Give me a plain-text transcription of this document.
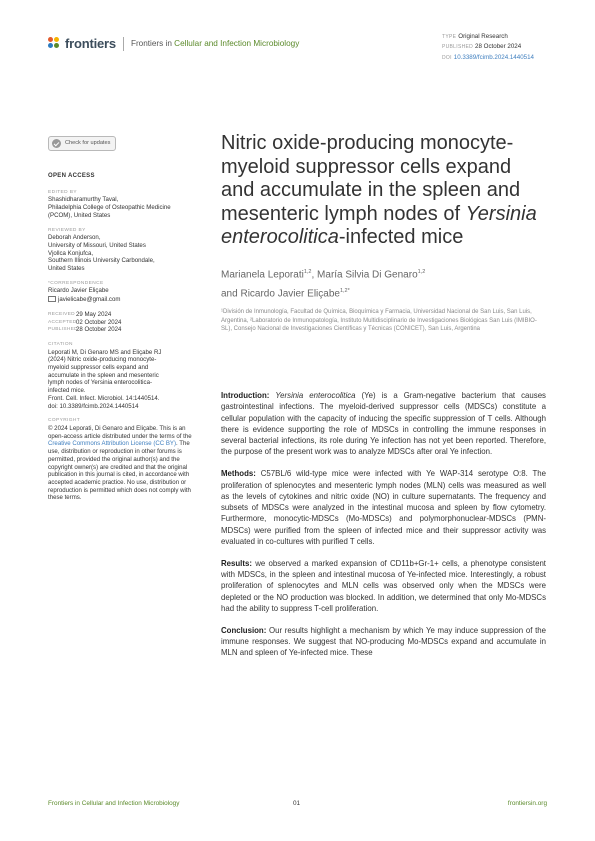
frontiers Frontiers in Cellular and Infection Microbiology
TYPE Original Research
PUBLISHED 28 October 2024
DOI 10.3389/fcimb.2024.1440514
Check for updates
OPEN ACCESS
EDITED BY
Shashidharamurthy Taval,
Philadelphia College of Osteopathic Medicine
(PCOM), United States
REVIEWED BY
Deborah Anderson,
University of Missouri, United States
Vjollca Konjufca,
Southern Illinois University Carbondale,
United States
*CORRESPONDENCE
Ricardo Javier Eliçabe
javielicabe@gmail.com
RECEIVED 29 May 2024
ACCEPTED 02 October 2024
PUBLISHED
28 October 2024
CITATION
Leporati M, Di Genaro MS and Eliçabe RJ
(2024) Nitric oxide-producing monocyte-
myeloid suppressor cells expand and
accumulate in the spleen and mesenteric
lymph nodes of Yersinia enterocolitica-
infected mice.
Front. Cell. Infect. Microbiol. 14:1440514.
doi: 10.3389/fcimb.2024.1440514
COPYRIGHT
© 2024 Leporati, Di Genaro and Eliçabe. This is an open-access article distributed under the terms of the Creative Commons Attribution License (CC BY). The use, distribution or reproduction in other forums is permitted, provided the original author(s) and the copyright owner(s) are credited and that the original publication in this journal is cited, in accordance with accepted academic practice. No use, distribution or reproduction is permitted which does not comply with these terms.
Nitric oxide-producing monocyte-myeloid suppressor cells expand and accumulate in the spleen and mesenteric lymph nodes of Yersinia enterocolitica-infected mice
Marianela Leporati$^{1,2}$, María Silvia Di Genaro$^{1,2}$
and Ricardo Javier Eliçabe$^{1,2*}$
¹División de Inmunología, Facultad de Química, Bioquímica y Farmacia, Universidad Nacional de San Luis, San Luis, Argentina, ²Laboratorio de Inmunopatología, Instituto Multidisciplinario de Investigaciones Biológicas San Luis (IMIBIO-SL), Consejo Nacional de Investigaciones Científicas y Técnicas (CONICET), San Luis, Argentina

Introduction: Yersinia enterocolitica (Ye) is a Gram-negative bacterium that causes gastrointestinal infections. The myeloid-derived suppressor cells (MDSCs) constitute a cellular population with the capacity of inducing the specific suppression of T cells. Although there is evidence supporting the role of MDSCs in controlling the immune responses in several bacterial infections, its role during Ye infection has not yet been reported. Therefore, the purpose of the present work was to analyze MDSCs after oral Ye infection.

Methods: C57BL/6 wild-type mice were infected with Ye WAP-314 serotype O:8. The proliferation of splenocytes and mesenteric lymph nodes (MLN) cells was measured as well as the levels of cytokines and nitric oxide (NO) in culture supernatants. The frequency and subsets of MDSCs were analyzed in the intestinal mucosa and spleen by flow cytometry. Furthermore, monocytic-MDSCs (Mo-MDSCs) and polymorphonuclear-MDSCs (PMN-MDSCs) were purified from the spleen of infected mice and their suppressor activity was evaluated in co-cultures with purified T cells.

Results: we observed a marked expansion of CD11b+Gr-1+ cells, a phenotype consistent with MDSCs, in the spleen and intestinal mucosa of Ye-infected mice. Interestingly, a robust proliferation of splenocytes and MLN cells was observed only when the MDSCs were depleted or the NO production was blocked. In addition, we determined that only Mo-MDSCs had the ability to suppress T-cell proliferation.

Conclusion: Our results highlight a mechanism by which Ye may induce suppression of the immune responses. We suggest that NO-producing Mo-MDSCs expand and accumulate in MLN and spleen of Ye-infected mice. These

Frontiers in Cellular and Infection Microbiology	01	frontiersin.org
